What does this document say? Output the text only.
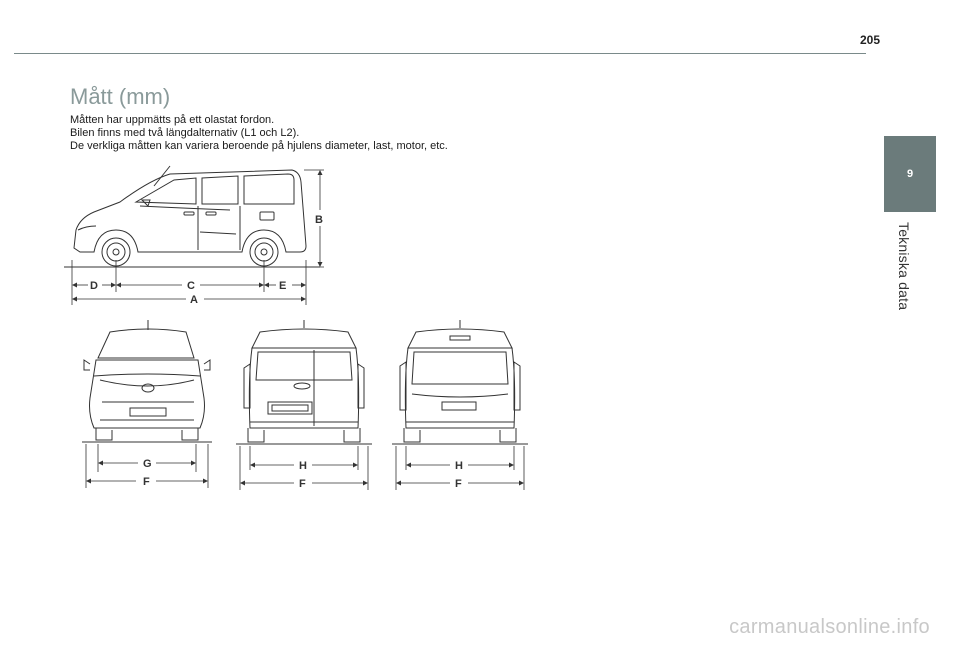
205
9
Tekniska data
Mått (mm)
Måtten har uppmätts på ett olastat fordon.
Bilen finns med två längdalternativ (L1 och L2).
De verkliga måtten kan variera beroende på hjulens diameter, last, motor, etc.
B
D	C	E
A
G
F
H
F
H
F
carmanualsonline.info
